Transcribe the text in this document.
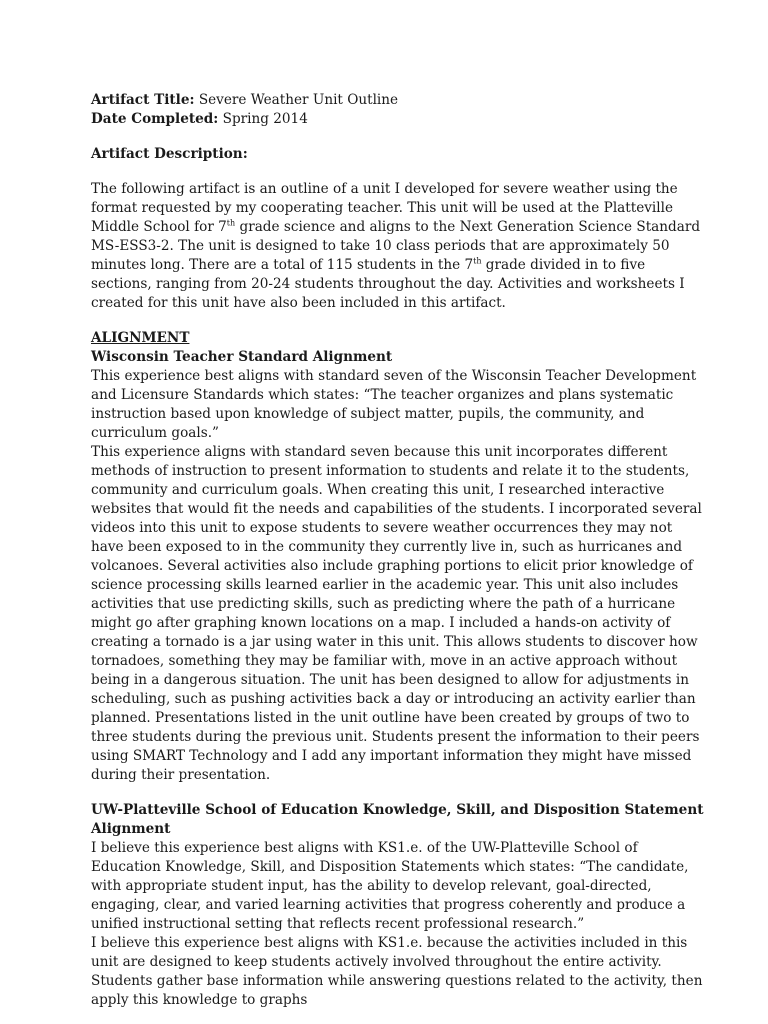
Artifact Title: Severe Weather Unit Outline

Date Completed: Spring 2014

Artifact Description:

The following artifact is an outline of a unit I developed for severe weather using the format requested by my cooperating teacher. This unit will be used at the Platteville Middle School for 7th grade science and aligns to the Next Generation Science Standard MS-ESS3-2. The unit is designed to take 10 class periods that are approximately 50 minutes long. There are a total of 115 students in the 7th grade divided in to five sections, ranging from 20-24 students throughout the day. Activities and worksheets I created for this unit have also been included in this artifact.

ALIGNMENT

Wisconsin Teacher Standard Alignment

This experience best aligns with standard seven of the Wisconsin Teacher Development and Licensure Standards which states: “The teacher organizes and plans systematic instruction based upon knowledge of subject matter, pupils, the community, and curriculum goals.”

This experience aligns with standard seven because this unit incorporates different methods of instruction to present information to students and relate it to the students, community and curriculum goals. When creating this unit, I researched interactive websites that would fit the needs and capabilities of the students. I incorporated several videos into this unit to expose students to severe weather occurrences they may not have been exposed to in the community they currently live in, such as hurricanes and volcanoes. Several activities also include graphing portions to elicit prior knowledge of science processing skills learned earlier in the academic year. This unit also includes activities that use predicting skills, such as predicting where the path of a hurricane might go after graphing known locations on a map. I included a hands-on activity of creating a tornado is a jar using water in this unit. This allows students to discover how tornadoes, something they may be familiar with, move in an active approach without being in a dangerous situation. The unit has been designed to allow for adjustments in scheduling, such as pushing activities back a day or introducing an activity earlier than planned. Presentations listed in the unit outline have been created by groups of two to three students during the previous unit. Students present the information to their peers using SMART Technology and I add any important information they might have missed during their presentation.

UW-Platteville School of Education Knowledge, Skill, and Disposition Statement Alignment

I believe this experience best aligns with KS1.e. of the UW-Platteville School of Education Knowledge, Skill, and Disposition Statements which states: “The candidate, with appropriate student input, has the ability to develop relevant, goal-directed, engaging, clear, and varied learning activities that progress coherently and produce a unified instructional setting that reflects recent professional research.”

I believe this experience best aligns with KS1.e. because the activities included in this unit are designed to keep students actively involved throughout the entire activity. Students gather base information while answering questions related to the activity, then apply this knowledge to graphs
